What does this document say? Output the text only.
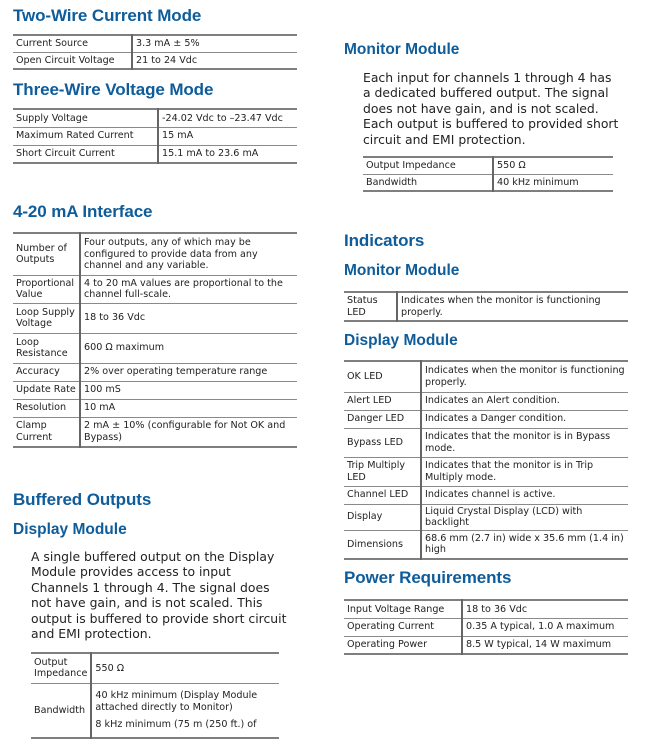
Two-Wire Current Mode
Current Source	3.3 mA ± 5%
Open Circuit Voltage	21 to 24 Vdc
Three-Wire Voltage Mode
Supply Voltage	-24.02 Vdc to –23.47 Vdc
Maximum Rated Current	15 mA
Short Circuit Current	15.1 mA to 23.6 mA
4-20 mA Interface
Number of Outputs	Four outputs, any of which may be configured to provide data from any channel and any variable.
Proportional Value	4 to 20 mA values are proportional to the channel full-scale.
Loop Supply Voltage	18 to 36 Vdc
Loop Resistance	600 Ω maximum
Accuracy	2% over operating temperature range
Update Rate	100 mS
Resolution	10 mA
Clamp Current	2 mA ± 10% (configurable for Not OK and Bypass)
Buffered Outputs
Display Module

A single buffered output on the Display Module provides access to input Channels 1 through 4. The signal does not have gain, and is not scaled. This output is buffered to provide short circuit and EMI protection.

Output Impedance	550 Ω
Bandwidth	40 kHz minimum (Display Module attached directly to Monitor)

8 kHz minimum (75 m (250 ft.) of

Monitor Module

Each input for channels 1 through 4 has a dedicated buffered output. The signal does not have gain, and is not scaled. Each output is buffered to provided short circuit and EMI protection.

Output Impedance	550 Ω
Bandwidth	40 kHz minimum
Indicators
Monitor Module
Status LED	Indicates when the monitor is functioning properly.
Display Module
OK LED	Indicates when the monitor is functioning properly.
Alert LED	Indicates an Alert condition.
Danger LED	Indicates a Danger condition.
Bypass LED	Indicates that the monitor is in Bypass mode.
Trip Multiply LED	Indicates that the monitor is in Trip Multiply mode.
Channel LED	Indicates channel is active.
Display	Liquid Crystal Display (LCD) with backlight
Dimensions	68.6 mm (2.7 in) wide x 35.6 mm (1.4 in) high
Power Requirements
Input Voltage Range	18 to 36 Vdc
Operating Current	0.35 A typical, 1.0 A maximum
Operating Power	8.5 W typical, 14 W maximum
